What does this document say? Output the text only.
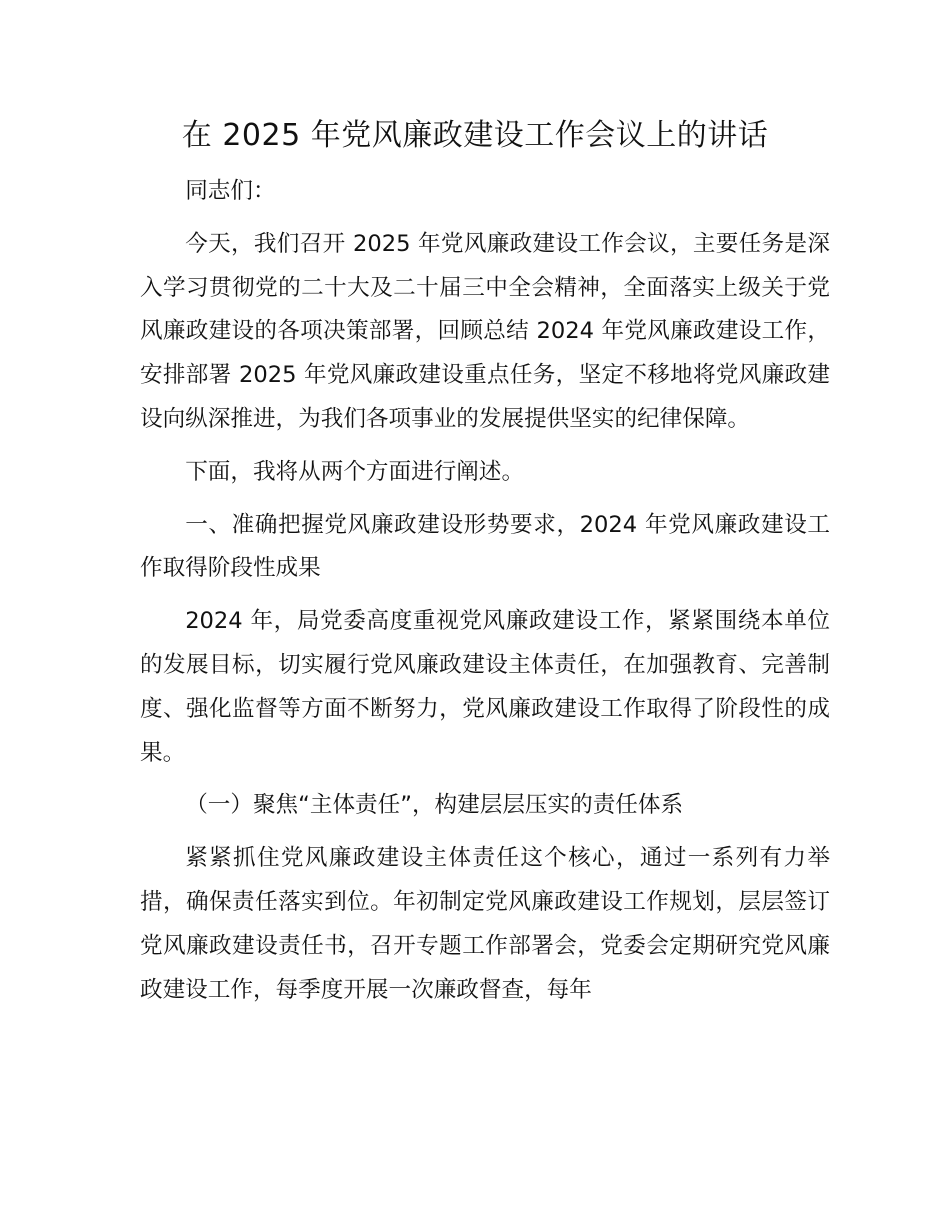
在 2025 年党风廉政建设工作会议上的讲话

同志们：

今天，我们召开 2025 年党风廉政建设工作会议，主要任务是深入学习贯彻党的二十大及二十届三中全会精神，全面落实上级关于党风廉政建设的各项决策部署，回顾总结 2024 年党风廉政建设工作，安排部署 2025 年党风廉政建设重点任务，坚定不移地将党风廉政建设向纵深推进，为我们各项事业的发展提供坚实的纪律保障。

下面，我将从两个方面进行阐述。

一、准确把握党风廉政建设形势要求，2024 年党风廉政建设工作取得阶段性成果

2024 年，局党委高度重视党风廉政建设工作，紧紧围绕本单位的发展目标，切实履行党风廉政建设主体责任，在加强教育、完善制度、强化监督等方面不断努力，党风廉政建设工作取得了阶段性的成果。

（一）聚焦“主体责任”，构建层层压实的责任体系

紧紧抓住党风廉政建设主体责任这个核心，通过一系列有力举措，确保责任落实到位。年初制定党风廉政建设工作规划，层层签订党风廉政建设责任书，召开专题工作部署会，党委会定期研究党风廉政建设工作，每季度开展一次廉政督查，每年
